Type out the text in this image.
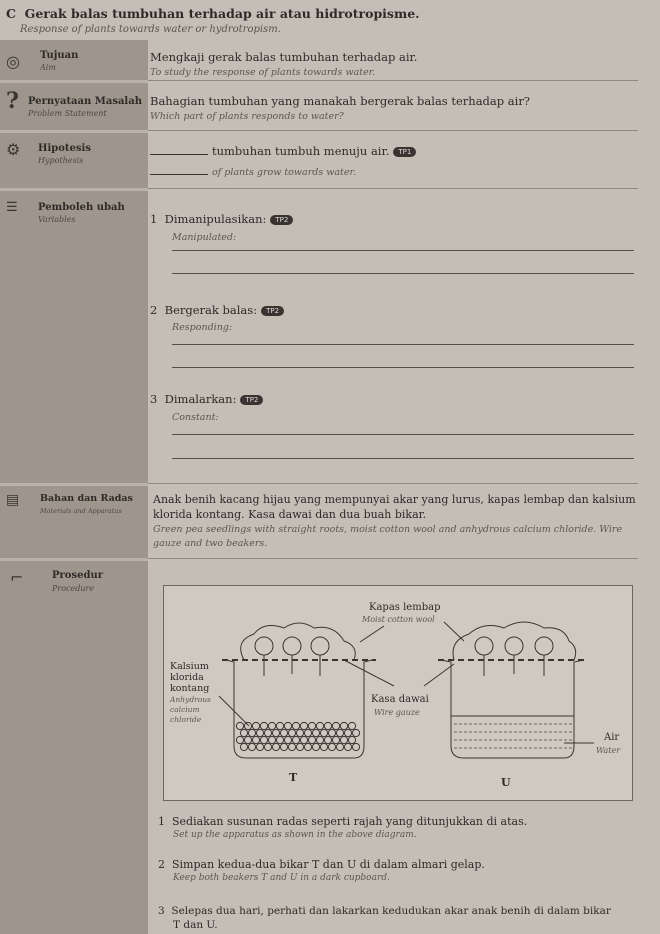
C Gerak balas tumbuhan terhadap air atau hidrotropisme.
Response of plants towards water or hydrotropism.
◎ Tujuan
Aim
Mengkaji gerak balas tumbuhan terhadap air.
To study the response of plants towards water.
? Pernyataan Masalah
Problem Statement
Bahagian tumbuhan yang manakah bergerak balas terhadap air?
Which part of plants responds to water?
⚙ Hipotesis
Hypothesis
tumbuhan tumbuh menuju air. TP1
of plants grow towards water.
☰ Pemboleh ubah
Variables	1 Dimanipulasikan: TP2
Manipulated:
2 Bergerak balas: TP2
Responding:
3 Dimalarkan: TP2
Constant:
▤ Bahan dan Radas
Materials and Apparatus
Anak benih kacang hijau yang mempunyai akar yang lurus, kapas lembap dan kalsium klorida kontang. Kasa dawai dan dua buah bikar.
Green pea seedlings with straight roots, moist cotton wool and anhydrous calcium chloride. Wire gauze and two beakers.
⌐	Prosedur
Procedure
Kapas lembap
Moist cotton wool
Kalsium
klorida
kontang
Anhydrous
calcium
chloride
Kasa dawai
Wire gauze
Air
Water
T	U
1 Sediakan susunan radas seperti rajah yang ditunjukkan di atas.
Set up the apparatus as shown in the above diagram.
2 Simpan kedua-dua bikar T dan U di dalam almari gelap.
Keep both beakers T and U in a dark cupboard.
3 Selepas dua hari, perhati dan lakarkan kedudukan akar anak benih di dalam bikar
T dan U.
